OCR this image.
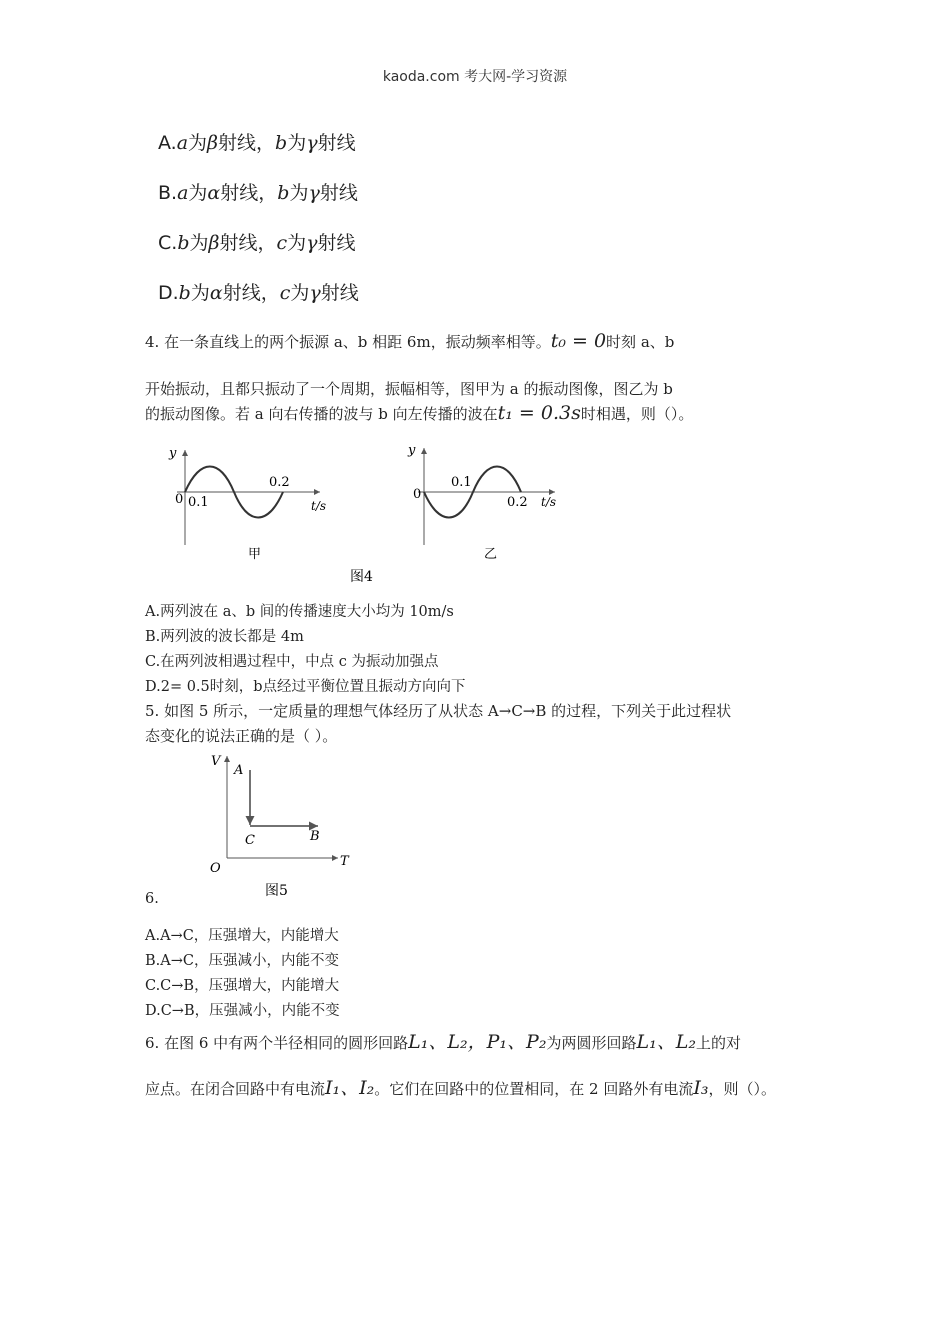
kaoda.com 考大网-学习资源
A.a为β射线，b为γ射线
B.a为α射线，b为γ射线
C.b为β射线，c为γ射线
D.b为α射线，c为γ射线
4. 在一条直线上的两个振源 a、b 相距 6m，振动频率相等。t₀ = 0时刻 a、b
开始振动，且都只振动了一个周期，振幅相等，图甲为 a 的振动图像，图乙为 b
的振动图像。若 a 向右传播的波与 b 向左传播的波在t₁ = 0.3s时相遇，则（）。
y
0 0.1
0.2
t/s
甲
y
0
0.1
0.2 t/s
乙
图4
A.两列波在 a、b 间的传播速度大小均为 10m/s
B.两列波的波长都是 4m
C.在两列波相遇过程中，中点 c 为振动加强点
D.2= 0.5时刻，b点经过平衡位置且振动方向向下
5. 如图 5 所示，一定质量的理想气体经历了从状态 A→C→B 的过程，下列关于此过程状
态变化的说法正确的是（ ）。
V
T
O
A
C	B
图5
6.
A.A→C，压强增大，内能增大
B.A→C，压强减小，内能不变
C.C→B，压强增大，内能增大
D.C→B，压强减小，内能不变
6. 在图 6 中有两个半径相同的圆形回路L₁、L₂，P₁、P₂为两圆形回路L₁、L₂上的对
应点。在闭合回路中有电流I₁、I₂。它们在回路中的位置相同，在 2 回路外有电流I₃，则（）。
